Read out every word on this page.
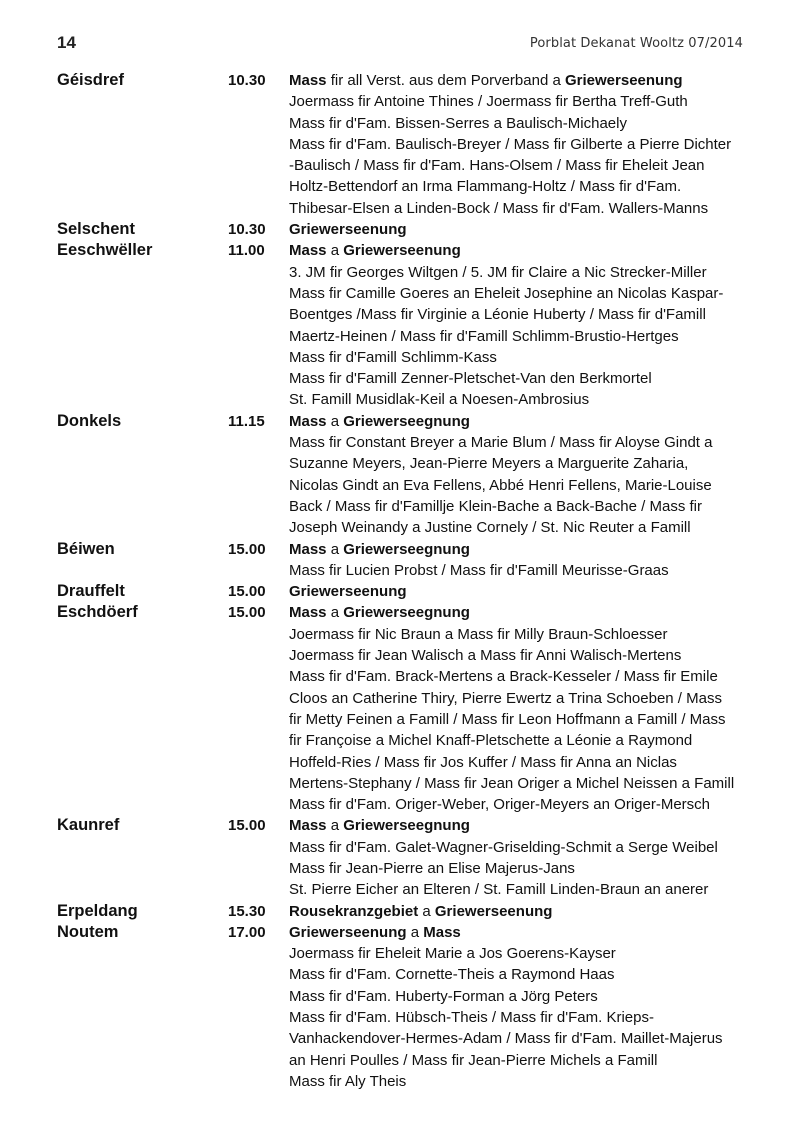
14	Porblat Dekanat Wooltz 07/2014
Géisdref	10.30	Mass fir all Verst. aus dem Porverband a Griewerseenung
Joermass fir Antoine Thines / Joermass fir Bertha Treff-Guth
Mass fir d'Fam. Bissen-Serres a Baulisch-Michaely
Mass fir d'Fam. Baulisch-Breyer / Mass fir Gilberte a Pierre Dichter
-Baulisch / Mass fir d'Fam. Hans-Olsem / Mass fir Eheleit Jean
Holtz-Bettendorf an Irma Flammang-Holtz / Mass fir d'Fam.
Thibesar-Elsen a Linden-Bock / Mass fir d'Fam. Wallers-Manns
Selschent	10.30	Griewerseenung
Eeschwëller	11.00	Mass a Griewerseenung
3. JM fir Georges Wiltgen / 5. JM fir Claire a Nic Strecker-Miller
Mass fir Camille Goeres an Eheleit Josephine an Nicolas Kaspar-
Boentges /Mass fir Virginie a Léonie Huberty / Mass fir d'Famill
Maertz-Heinen / Mass fir d'Famill Schlimm-Brustio-Hertges
Mass fir d'Famill Schlimm-Kass
Mass fir d'Famill Zenner-Pletschet-Van den Berkmortel
St. Famill Musidlak-Keil a Noesen-Ambrosius
Donkels	11.15	Mass a Griewerseegnung
Mass fir Constant Breyer a Marie Blum / Mass fir Aloyse Gindt a
Suzanne Meyers, Jean-Pierre Meyers a Marguerite Zaharia,
Nicolas Gindt an Eva Fellens, Abbé Henri Fellens, Marie-Louise
Back / Mass fir d'Famillje Klein-Bache a Back-Bache / Mass fir
Joseph Weinandy a Justine Cornely / St. Nic Reuter a Famill
Béiwen	15.00	Mass a Griewerseegnung
Mass fir Lucien Probst / Mass fir d'Famill Meurisse-Graas
Drauffelt	15.00	Griewerseenung
Eschdöerf	15.00	Mass a Griewerseegnung
Joermass fir Nic Braun a Mass fir Milly Braun-Schloesser
Joermass fir Jean Walisch a Mass fir Anni Walisch-Mertens
Mass fir d'Fam. Brack-Mertens a Brack-Kesseler / Mass fir Emile
Cloos an Catherine Thiry, Pierre Ewertz a Trina Schoeben / Mass
fir Metty Feinen a Famill / Mass fir Leon Hoffmann a Famill / Mass
fir Françoise a Michel Knaff-Pletschette a Léonie a Raymond
Hoffeld-Ries / Mass fir Jos Kuffer / Mass fir Anna an Niclas
Mertens-Stephany / Mass fir Jean Origer a Michel Neissen a Famill
Mass fir d'Fam. Origer-Weber, Origer-Meyers an Origer-Mersch
Kaunref	15.00	Mass a Griewerseegnung
Mass fir d'Fam. Galet-Wagner-Griselding-Schmit a Serge Weibel
Mass fir Jean-Pierre an Elise Majerus-Jans
St. Pierre Eicher an Elteren / St. Famill Linden-Braun an anerer
Erpeldang	15.30	Rousekranzgebiet a Griewerseenung
Noutem	17.00	Griewerseenung a Mass
Joermass fir Eheleit Marie a Jos Goerens-Kayser
Mass fir d'Fam. Cornette-Theis a Raymond Haas
Mass fir d'Fam. Huberty-Forman a Jörg Peters
Mass fir d'Fam. Hübsch-Theis / Mass fir d'Fam. Krieps-
Vanhackendover-Hermes-Adam / Mass fir d'Fam. Maillet-Majerus
an Henri Poulles / Mass fir Jean-Pierre Michels a Famill
Mass fir Aly Theis
